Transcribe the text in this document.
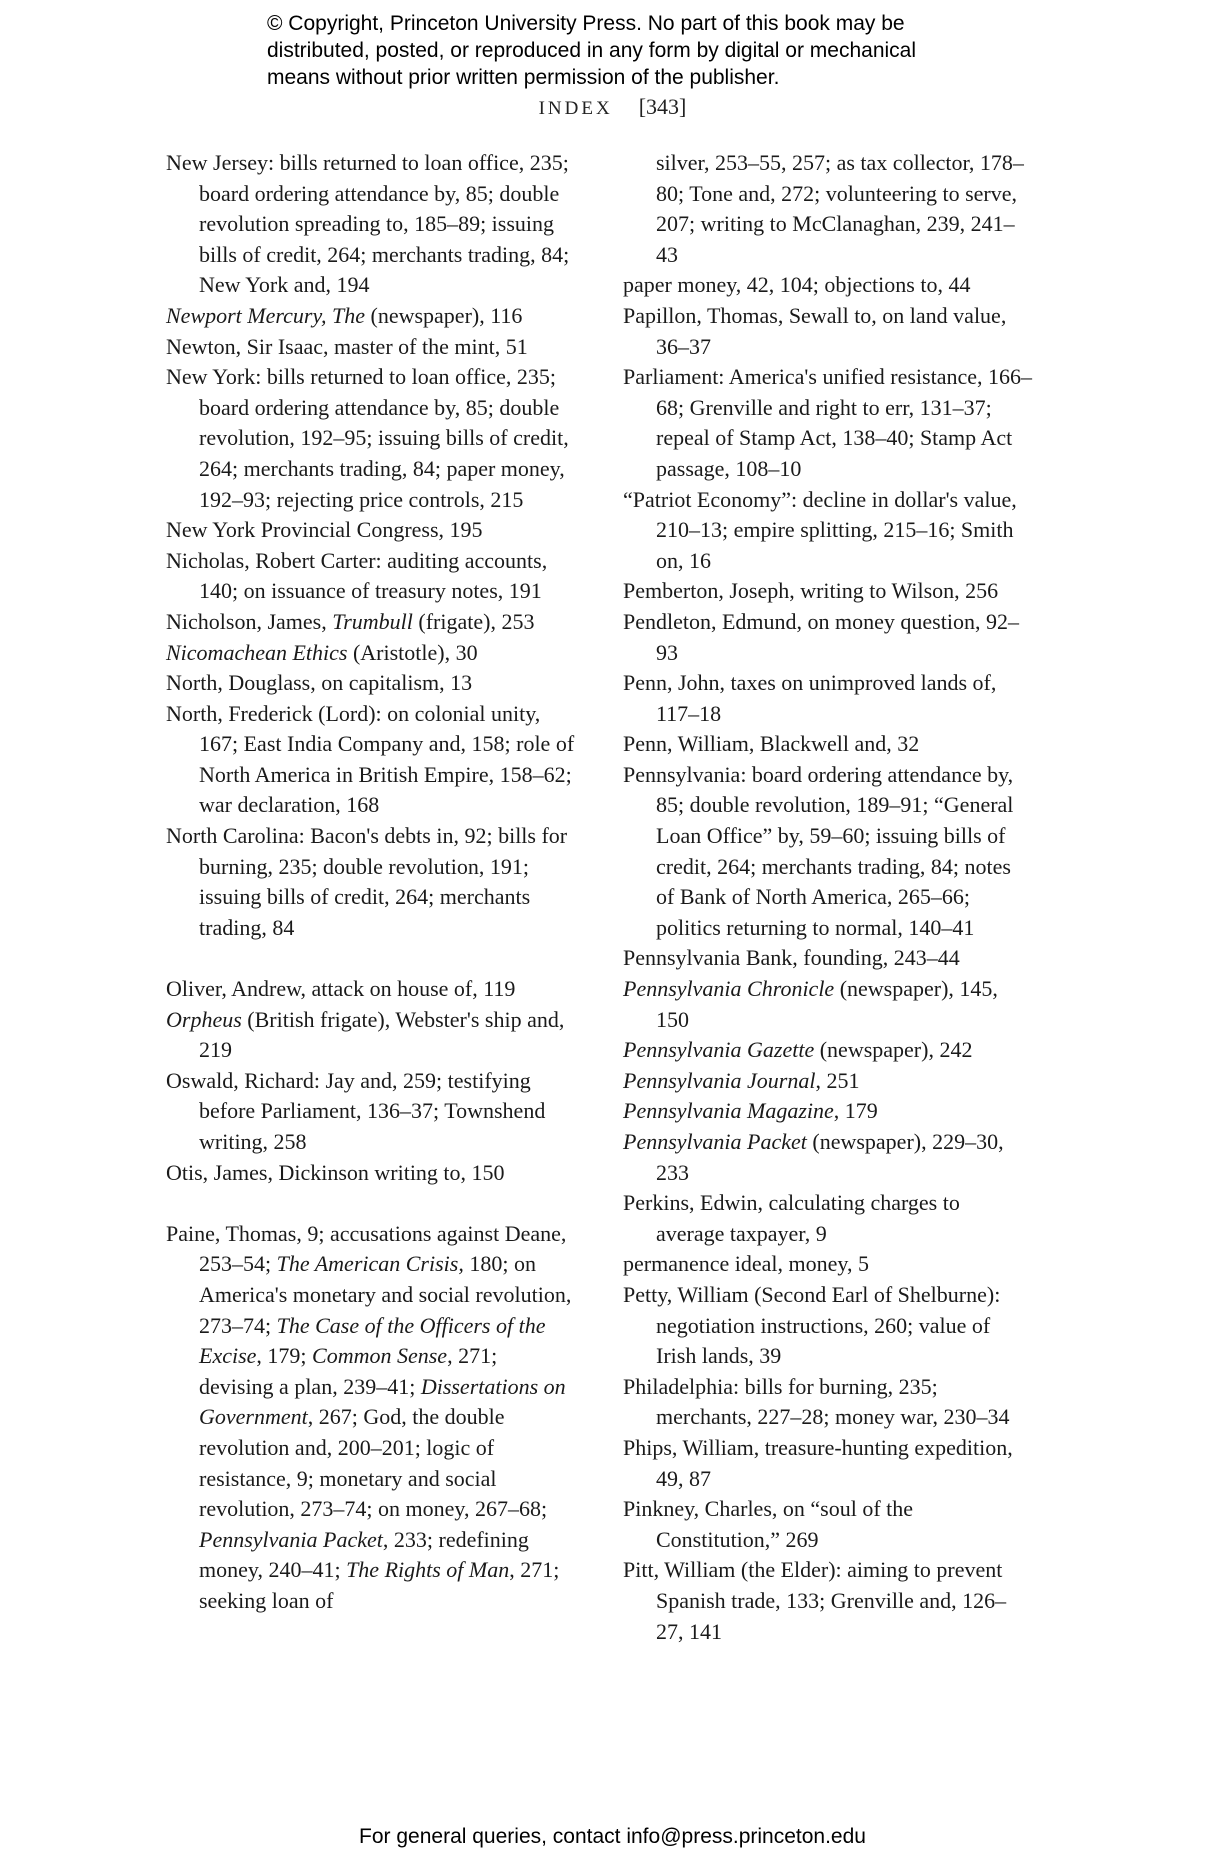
© Copyright, Princeton University Press. No part of this book may be
distributed, posted, or reproduced in any form by digital or mechanical
means without prior written permission of the publisher.
INDEX [343]
New Jersey: bills returned to loan office, 235; board ordering attendance by, 85; double revolution spreading to, 185–89; issuing bills of credit, 264; merchants trading, 84; New York and, 194
Newport Mercury, The (newspaper), 116
Newton, Sir Isaac, master of the mint, 51
New York: bills returned to loan office, 235; board ordering attendance by, 85; double revolution, 192–95; issuing bills of credit, 264; merchants trading, 84; paper money, 192–93; rejecting price controls, 215
New York Provincial Congress, 195
Nicholas, Robert Carter: auditing accounts, 140; on issuance of treasury notes, 191
Nicholson, James, Trumbull (frigate), 253
Nicomachean Ethics (Aristotle), 30
North, Douglass, on capitalism, 13
North, Frederick (Lord): on colonial unity, 167; East India Company and, 158; role of North America in British Empire, 158–62; war declaration, 168
North Carolina: Bacon's debts in, 92; bills for burning, 235; double revolution, 191; issuing bills of credit, 264; merchants trading, 84
Oliver, Andrew, attack on house of, 119
Orpheus (British frigate), Webster's ship and, 219
Oswald, Richard: Jay and, 259; testifying before Parliament, 136–37; Townshend writing, 258
Otis, James, Dickinson writing to, 150
Paine, Thomas, 9; accusations against Deane, 253–54; The American Crisis, 180; on America's monetary and social revolution, 273–74; The Case of the Officers of the Excise, 179; Common Sense, 271; devising a plan, 239–41; Dissertations on Government, 267; God, the double revolution and, 200–201; logic of resistance, 9; monetary and social revolution, 273–74; on money, 267–68; Pennsylvania Packet, 233; redefining money, 240–41; The Rights of Man, 271; seeking loan of
silver, 253–55, 257; as tax collector, 178–80; Tone and, 272; volunteering to serve, 207; writing to McClanaghan, 239, 241–43
paper money, 42, 104; objections to, 44
Papillon, Thomas, Sewall to, on land value, 36–37
Parliament: America's unified resistance, 166–68; Grenville and right to err, 131–37; repeal of Stamp Act, 138–40; Stamp Act passage, 108–10
“Patriot Economy”: decline in dollar's value, 210–13; empire splitting, 215–16; Smith on, 16
Pemberton, Joseph, writing to Wilson, 256
Pendleton, Edmund, on money question, 92–93
Penn, John, taxes on unimproved lands of, 117–18
Penn, William, Blackwell and, 32
Pennsylvania: board ordering attendance by, 85; double revolution, 189–91; “General Loan Office” by, 59–60; issuing bills of credit, 264; merchants trading, 84; notes of Bank of North America, 265–66; politics returning to normal, 140–41
Pennsylvania Bank, founding, 243–44
Pennsylvania Chronicle (newspaper), 145, 150
Pennsylvania Gazette (newspaper), 242
Pennsylvania Journal, 251
Pennsylvania Magazine, 179
Pennsylvania Packet (newspaper), 229–30, 233
Perkins, Edwin, calculating charges to average taxpayer, 9
permanence ideal, money, 5
Petty, William (Second Earl of Shelburne): negotiation instructions, 260; value of Irish lands, 39
Philadelphia: bills for burning, 235; merchants, 227–28; money war, 230–34
Phips, William, treasure-hunting expedition, 49, 87
Pinkney, Charles, on “soul of the Constitution,” 269
Pitt, William (the Elder): aiming to prevent Spanish trade, 133; Grenville and, 126–27, 141
For general queries, contact info@press.princeton.edu
